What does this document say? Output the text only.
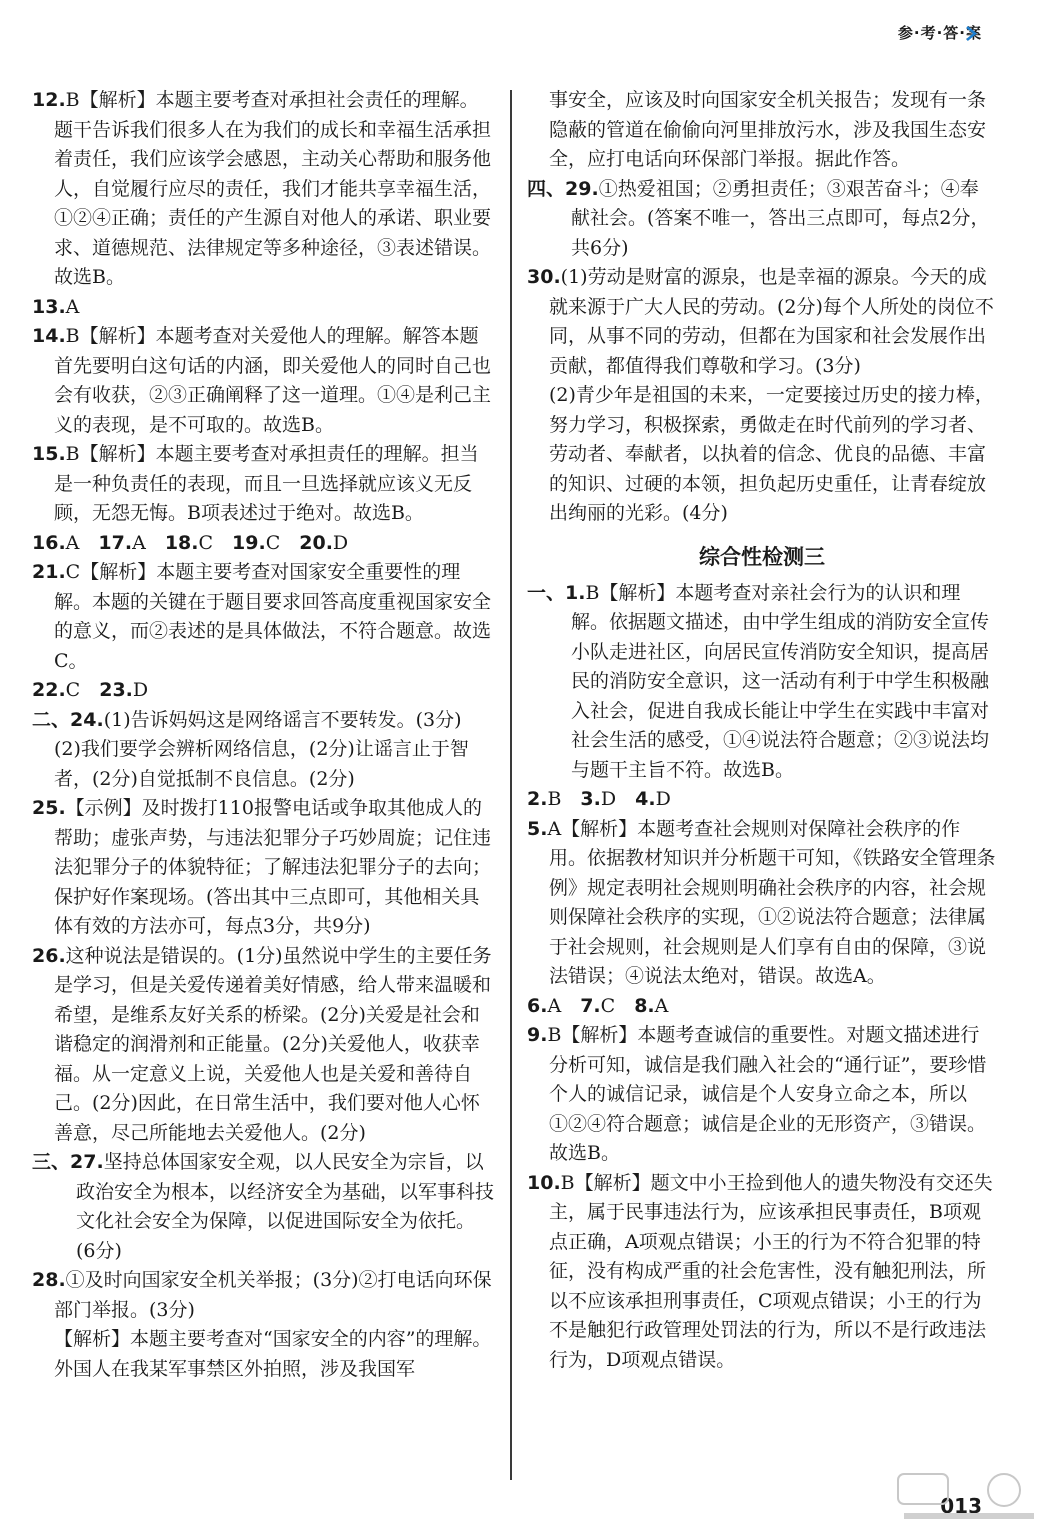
参·考·答·案

12.B【解析】本题主要考查对承担社会责任的理解。题干告诉我们很多人在为我们的成长和幸福生活承担着责任，我们应该学会感恩，主动关心帮助和服务他人，自觉履行应尽的责任，我们才能共享幸福生活，①②④正确；责任的产生源自对他人的承诺、职业要求、道德规范、法律规定等多种途径，③表述错误。故选B。

13.A

14.B【解析】本题考查对关爱他人的理解。解答本题首先要明白这句话的内涵，即关爱他人的同时自己也会有收获，②③正确阐释了这一道理。①④是利己主义的表现，是不可取的。故选B。

15.B【解析】本题主要考查对承担责任的理解。担当是一种负责任的表现，而且一旦选择就应该义无反顾，无怨无悔。B项表述过于绝对。故选B。

16.A  17.A  18.C  19.C  20.D

21.C【解析】本题主要考查对国家安全重要性的理解。本题的关键在于题目要求回答高度重视国家安全的意义，而②表述的是具体做法，不符合题意。故选C。

22.C  23.D

二、24.(1)告诉妈妈这是网络谣言不要转发。(3分)

(2)我们要学会辨析网络信息，(2分)让谣言止于智者，(2分)自觉抵制不良信息。(2分)

25.【示例】及时拨打110报警电话或争取其他成人的帮助；虚张声势，与违法犯罪分子巧妙周旋；记住违法犯罪分子的体貌特征；了解违法犯罪分子的去向；保护好作案现场。(答出其中三点即可，其他相关具体有效的方法亦可，每点3分，共9分)

26.这种说法是错误的。(1分)虽然说中学生的主要任务是学习，但是关爱传递着美好情感，给人带来温暖和希望，是维系友好关系的桥梁。(2分)关爱是社会和谐稳定的润滑剂和正能量。(2分)关爱他人，收获幸福。从一定意义上说，关爱他人也是关爱和善待自己。(2分)因此，在日常生活中，我们要对他人心怀善意，尽己所能地去关爱他人。(2分)

三、27.坚持总体国家安全观，以人民安全为宗旨，以政治安全为根本，以经济安全为基础，以军事科技文化社会安全为保障，以促进国际安全为依托。(6分)

28.①及时向国家安全机关举报；(3分)②打电话向环保部门举报。(3分)

【解析】本题主要考查对“国家安全的内容”的理解。外国人在我某军事禁区外拍照，涉及我国军

事安全，应该及时向国家安全机关报告；发现有一条隐蔽的管道在偷偷向河里排放污水，涉及我国生态安全，应打电话向环保部门举报。据此作答。

四、29.①热爱祖国；②勇担责任；③艰苦奋斗；④奉献社会。(答案不唯一，答出三点即可，每点2分，共6分)

30.(1)劳动是财富的源泉，也是幸福的源泉。今天的成就来源于广大人民的劳动。(2分)每个人所处的岗位不同，从事不同的劳动，但都在为国家和社会发展作出贡献，都值得我们尊敬和学习。(3分)

(2)青少年是祖国的未来，一定要接过历史的接力棒，努力学习，积极探索，勇做走在时代前列的学习者、劳动者、奉献者，以执着的信念、优良的品德、丰富的知识、过硬的本领，担负起历史重任，让青春绽放出绚丽的光彩。(4分)

综合性检测三

一、1.B【解析】本题考查对亲社会行为的认识和理解。依据题文描述，由中学生组成的消防安全宣传小队走进社区，向居民宣传消防安全知识，提高居民的消防安全意识，这一活动有利于中学生积极融入社会，促进自我成长能让中学生在实践中丰富对社会生活的感受，①④说法符合题意；②③说法均与题干主旨不符。故选B。

2.B  3.D  4.D

5.A【解析】本题考查社会规则对保障社会秩序的作用。依据教材知识并分析题干可知，《铁路安全管理条例》规定表明社会规则明确社会秩序的内容，社会规则保障社会秩序的实现，①②说法符合题意；法律属于社会规则，社会规则是人们享有自由的保障，③说法错误；④说法太绝对，错误。故选A。

6.A  7.C  8.A

9.B【解析】本题考查诚信的重要性。对题文描述进行分析可知，诚信是我们融入社会的“通行证”，要珍惜个人的诚信记录，诚信是个人安身立命之本，所以①②④符合题意；诚信是企业的无形资产，③错误。故选B。

10.B【解析】题文中小王捡到他人的遗失物没有交还失主，属于民事违法行为，应该承担民事责任，B项观点正确，A项观点错误；小王的行为不符合犯罪的特征，没有构成严重的社会危害性，没有触犯刑法，所以不应该承担刑事责任，C项观点错误；小王的行为不是触犯行政管理处罚法的行为，所以不是行政违法行为，D项观点错误。

013
